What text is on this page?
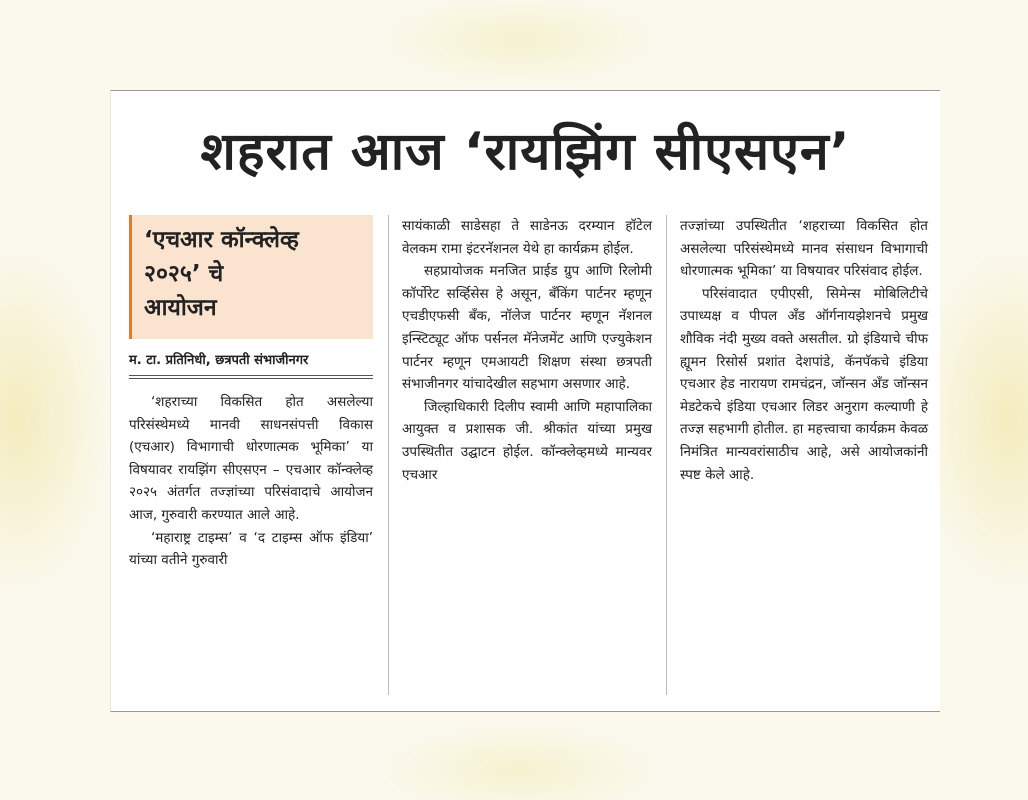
शहरात आज ‘रायझिंग सीएसएन’
‘एचआर कॉन्क्लेव्ह
२०२५’ चे
आयोजन
म. टा. प्रतिनिधी, छत्रपती संभाजीनगर

‘शहराच्या विकसित होत असलेल्या परिसंस्थेमध्ये मानवी साधनसंपत्ती विकास (एचआर) विभागाची धोरणात्मक भूमिका’ या विषयावर रायझिंग सीएसएन – एचआर कॉन्क्लेव्ह २०२५ अंतर्गत तज्ज्ञांच्या परिसंवादाचे आयोजन आज, गुरुवारी करण्यात आले आहे.

‘महाराष्ट्र टाइम्स’ व ‘द टाइम्स ऑफ इंडिया’ यांच्या वतीने गुरुवारी

सायंकाळी साडेसहा ते साडेनऊ दरम्यान हॉटेल वेलकम रामा इंटरनॅशनल येथे हा कार्यक्रम होईल.

सहप्रायोजक मनजित प्राईड ग्रुप आणि रिलोमी कॉर्पोरेट सर्व्हिसेस हे असून, बँकिंग पार्टनर म्हणून एचडीएफसी बँक, नॉलेज पार्टनर म्हणून नॅशनल इन्स्टिट्यूट ऑफ पर्सनल मॅनेजमेंट आणि एज्युकेशन पार्टनर म्हणून एमआयटी शिक्षण संस्था छत्रपती संभाजीनगर यांचादेखील सहभाग असणार आहे.

जिल्हाधिकारी दिलीप स्वामी आणि महापालिका आयुक्त व प्रशासक जी. श्रीकांत यांच्या प्रमुख उपस्थितीत उद्घाटन होईल. कॉन्क्लेव्हमध्ये मान्यवर एचआर

तज्ज्ञांच्या उपस्थितीत ‘शहराच्या विकसित होत असलेल्या परिसंस्थेमध्ये मानव संसाधन विभागाची धोरणात्मक भूमिका’ या विषयावर परिसंवाद होईल.

परिसंवादात एपीएसी, सिमेन्स मोबिलिटीचे उपाध्यक्ष व पीपल अँड ऑर्गनायझेशनचे प्रमुख शौविक नंदी मुख्य वक्ते असतील. ग्रो इंडियाचे चीफ ह्यूमन रिसोर्स प्रशांत देशपांडे, कॅनपॅकचे इंडिया एचआर हेड नारायण रामचंद्रन, जॉन्सन अँड जॉन्सन मेडटेकचे इंडिया एचआर लिडर अनुराग कल्याणी हे तज्ज्ञ सहभागी होतील. हा महत्त्वाचा कार्यक्रम केवळ निमंत्रित मान्यवरांसाठीच आहे, असे आयोजकांनी स्पष्ट केले आहे.
